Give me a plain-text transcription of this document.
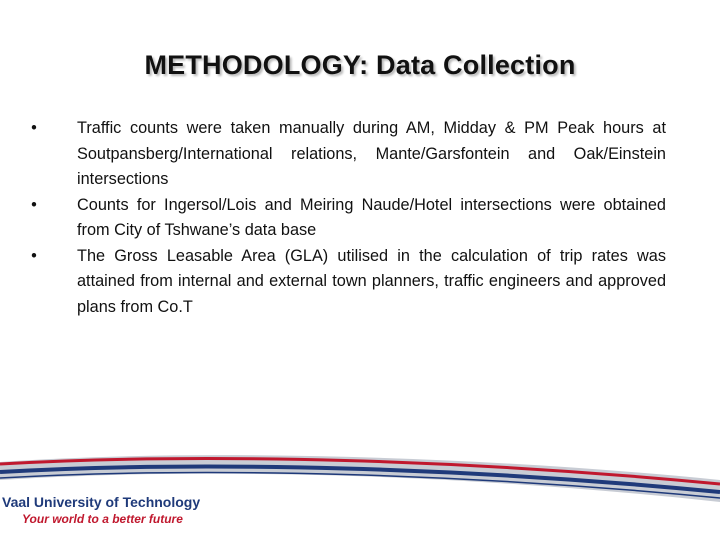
METHODOLOGY: Data Collection
•	Traffic counts were taken manually during AM, Midday & PM Peak hours at Soutpansberg/International relations, Mante/Garsfontein and Oak/Einstein intersections
•	Counts for Ingersol/Lois and Meiring Naude/Hotel intersections were obtained from City of Tshwane’s data base
•	The Gross Leasable Area (GLA) utilised in the calculation of trip rates was attained from internal and external town planners, traffic engineers and approved plans from Co.T
Vaal University of Technology
Your world to a better future
